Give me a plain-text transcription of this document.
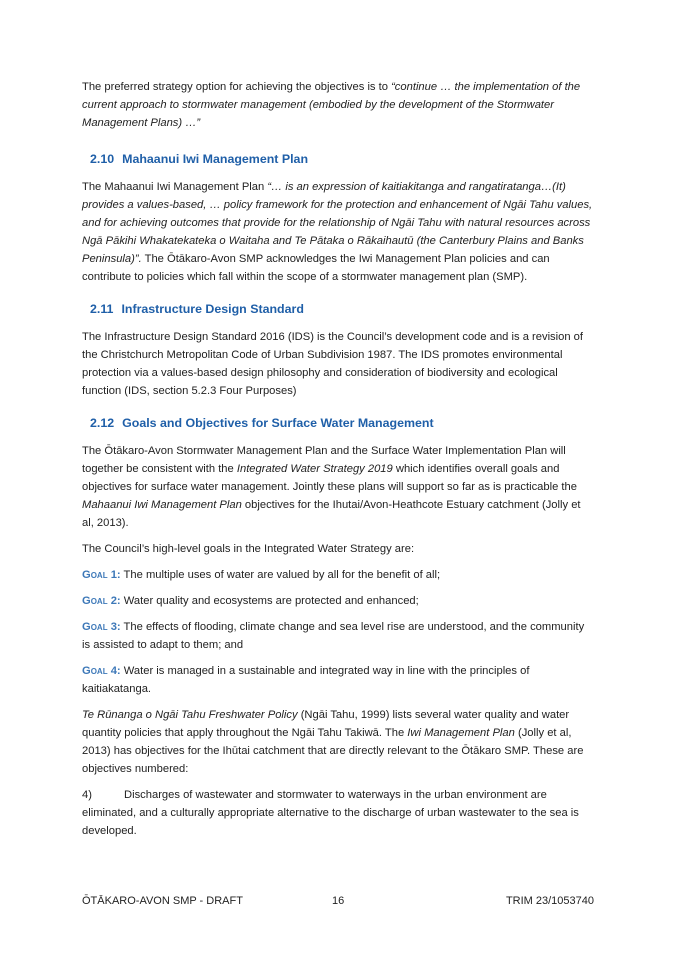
The preferred strategy option for achieving the objectives is to “continue … the implementation of the current approach to stormwater management (embodied by the development of the Stormwater Management Plans) …”

2.10 Mahaanui Iwi Management Plan

The Mahaanui Iwi Management Plan “… is an expression of kaitiakitanga and rangatiratanga…(It) provides a values-based, … policy framework for the protection and enhancement of Ngāi Tahu values, and for achieving outcomes that provide for the relationship of Ngāi Tahu with natural resources across Ngā Pākihi Whakatekateka o Waitaha and Te Pātaka o Rākaihautū (the Canterbury Plains and Banks Peninsula)”. The Ōtākaro-Avon SMP acknowledges the Iwi Management Plan policies and can contribute to policies which fall within the scope of a stormwater management plan (SMP).

2.11 Infrastructure Design Standard

The Infrastructure Design Standard 2016 (IDS) is the Council’s development code and is a revision of the Christchurch Metropolitan Code of Urban Subdivision 1987. The IDS promotes environmental protection via a values-based design philosophy and consideration of biodiversity and ecological function (IDS, section 5.2.3 Four Purposes)

2.12 Goals and Objectives for Surface Water Management

The Ōtākaro-Avon Stormwater Management Plan and the Surface Water Implementation Plan will together be consistent with the Integrated Water Strategy 2019 which identifies overall goals and objectives for surface water management. Jointly these plans will support so far as is practicable the Mahaanui Iwi Management Plan objectives for the Ihutai/Avon-Heathcote Estuary catchment (Jolly et al, 2013).

The Council’s high-level goals in the Integrated Water Strategy are:

Goal 1: The multiple uses of water are valued by all for the benefit of all;

Goal 2: Water quality and ecosystems are protected and enhanced;

Goal 3: The effects of flooding, climate change and sea level rise are understood, and the community is assisted to adapt to them; and

Goal 4: Water is managed in a sustainable and integrated way in line with the principles of kaitiakatanga.

Te Rūnanga o Ngāi Tahu Freshwater Policy (Ngāi Tahu, 1999) lists several water quality and water quantity policies that apply throughout the Ngāi Tahu Takiwā. The Iwi Management Plan (Jolly et al, 2013) has objectives for the Ihūtai catchment that are directly relevant to the Ōtākaro SMP. These are objectives numbered:

4)	Discharges of wastewater and stormwater to waterways in the urban environment are eliminated, and a culturally appropriate alternative to the discharge of urban wastewater to the sea is developed.

ŌTĀKARO-AVON SMP - DRAFT	16	TRIM 23/1053740
